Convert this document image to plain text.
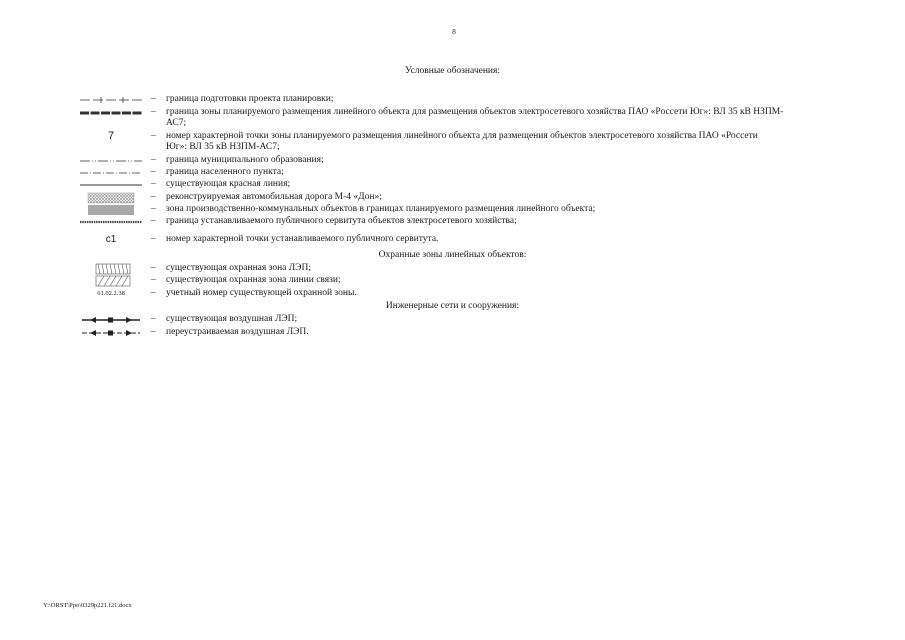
8
Условные обозначения:
– граница подготовки проекта планировки;
– граница зоны планируемого размещения линейного объекта для размещения объектов электросетевого хозяйства ПАО «Россети Юг»: ВЛ 35 кВ НЗПМ-АС7;
7	– номер характерной точки зоны планируемого размещения линейного объекта для размещения объектов электросетевого хозяйства ПАО «Россети Юг»: ВЛ 35 кВ НЗПМ-АС7;
– граница муниципального образования;
– граница населенного пункта;
– существующая красная линия;
– реконструируемая автомобильная дорога М-4 «Дон»;
– зона производственно-коммунальных объектов в границах планируемого размещения линейного объекта;
– граница устанавливаемого публичного сервитута объектов электросетевого хозяйства;
с1	– номер характерной точки устанавливаемого публичного сервитута.
Охранные зоны линейных объектов:
– существующая охранная зона ЛЭП;
– существующая охранная зона линии связи;
61.02.2.38	– учетный номер существующей охранной зоны.
Инженерные сети и сооружения:
– существующая воздушная ЛЭП;
– переустраиваемая воздушная ЛЭП.
Y:\ORST\Ppo\0329p221.f21.docx
